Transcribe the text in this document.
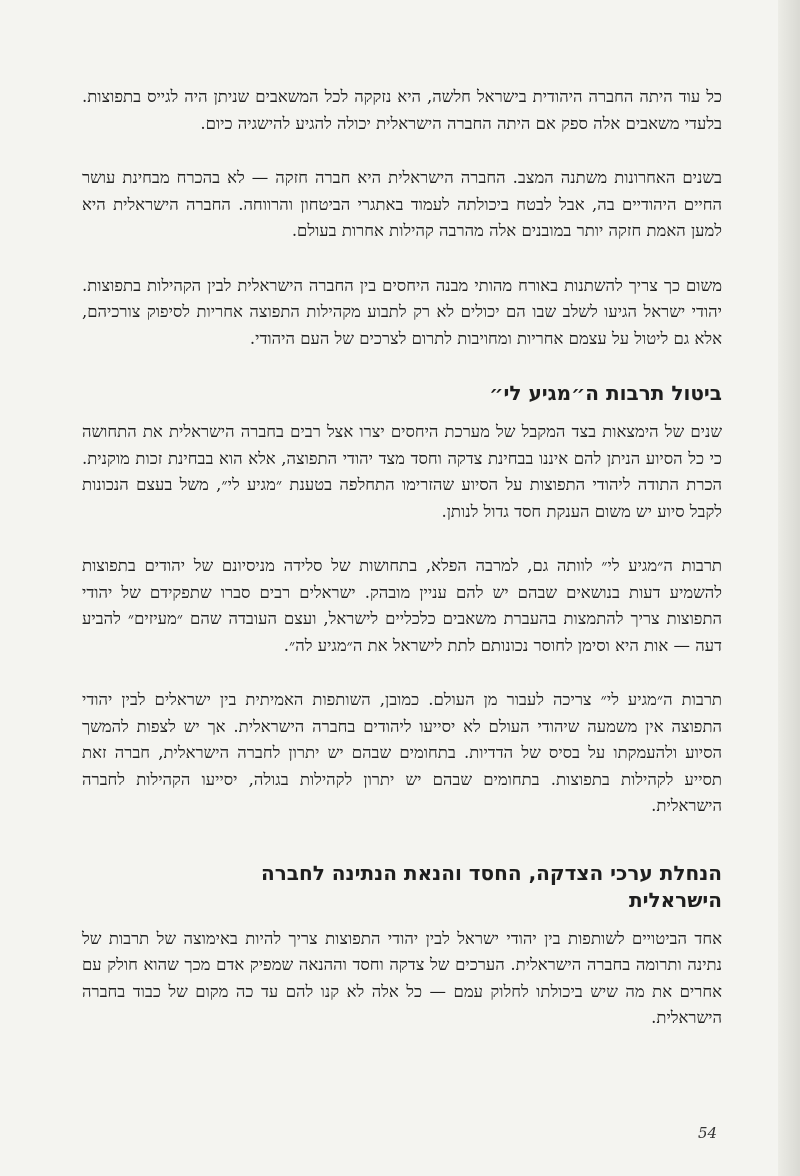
כל עוד היתה החברה היהודית בישראל חלשה, היא נזקקה לכל המשאבים שניתן היה לגייס בתפוצות. בלעדי משאבים אלה ספק אם היתה החברה הישראלית יכולה להגיע להישגיה כיום.

בשנים האחרונות משתנה המצב. החברה הישראלית היא חברה חזקה — לא בהכרח מבחינת עושר החיים היהודיים בה, אבל לבטח ביכולתה לעמוד באתגרי הביטחון והרווחה. החברה הישראלית היא למען האמת חזקה יותר במובנים אלה מהרבה קהילות אחרות בעולם.

משום כך צריך להשתנות באורח מהותי מבנה היחסים בין החברה הישראלית לבין הקהילות בתפוצות. יהודי ישראל הגיעו לשלב שבו הם יכולים לא רק לתבוע מקהילות התפוצה אחריות לסיפוק צורכיהם, אלא גם ליטול על עצמם אחריות ומחויבות לתרום לצרכים של העם היהודי.

ביטול תרבות ה״מגיע לי״

שנים של הימצאות בצד המקבל של מערכת היחסים יצרו אצל רבים בחברה הישראלית את התחושה כי כל הסיוע הניתן להם איננו בבחינת צדקה וחסד מצד יהודי התפוצה, אלא הוא בבחינת זכות מוקנית. הכרת התודה ליהודי התפוצות על הסיוע שהזרימו התחלפה בטענת ״מגיע לי״, משל בעצם הנכונות לקבל סיוע יש משום הענקת חסד גדול לנותן.

תרבות ה״מגיע לי״ לוותה גם, למרבה הפלא, בתחושות של סלידה מניסיונם של יהודים בתפוצות להשמיע דעות בנושאים שבהם יש להם עניין מובהק. ישראלים רבים סברו שתפקידם של יהודי התפוצות צריך להתמצות בהעברת משאבים כלכליים לישראל, ועצם העובדה שהם ״מעיזים״ להביע דעה — אות היא וסימן לחוסר נכונותם לתת לישראל את ה״מגיע לה״.

תרבות ה״מגיע לי״ צריכה לעבור מן העולם. כמובן, השותפות האמיתית בין ישראלים לבין יהודי התפוצה אין משמעה שיהודי העולם לא יסייעו ליהודים בחברה הישראלית. אך יש לצפות להמשך הסיוע ולהעמקתו על בסיס של הדדיות. בתחומים שבהם יש יתרון לחברה הישראלית, חברה זאת תסייע לקהילות בתפוצות. בתחומים שבהם יש יתרון לקהילות בגולה, יסייעו הקהילות לחברה הישראלית.

הנחלת ערכי הצדקה, החסד והנאת הנתינה לחברה הישראלית

אחד הביטויים לשותפות בין יהודי ישראל לבין יהודי התפוצות צריך להיות באימוצה של תרבות של נתינה ותרומה בחברה הישראלית. הערכים של צדקה וחסד וההנאה שמפיק אדם מכך שהוא חולק עם אחרים את מה שיש ביכולתו לחלוק עמם — כל אלה לא קנו להם עד כה מקום של כבוד בחברה הישראלית.

54
